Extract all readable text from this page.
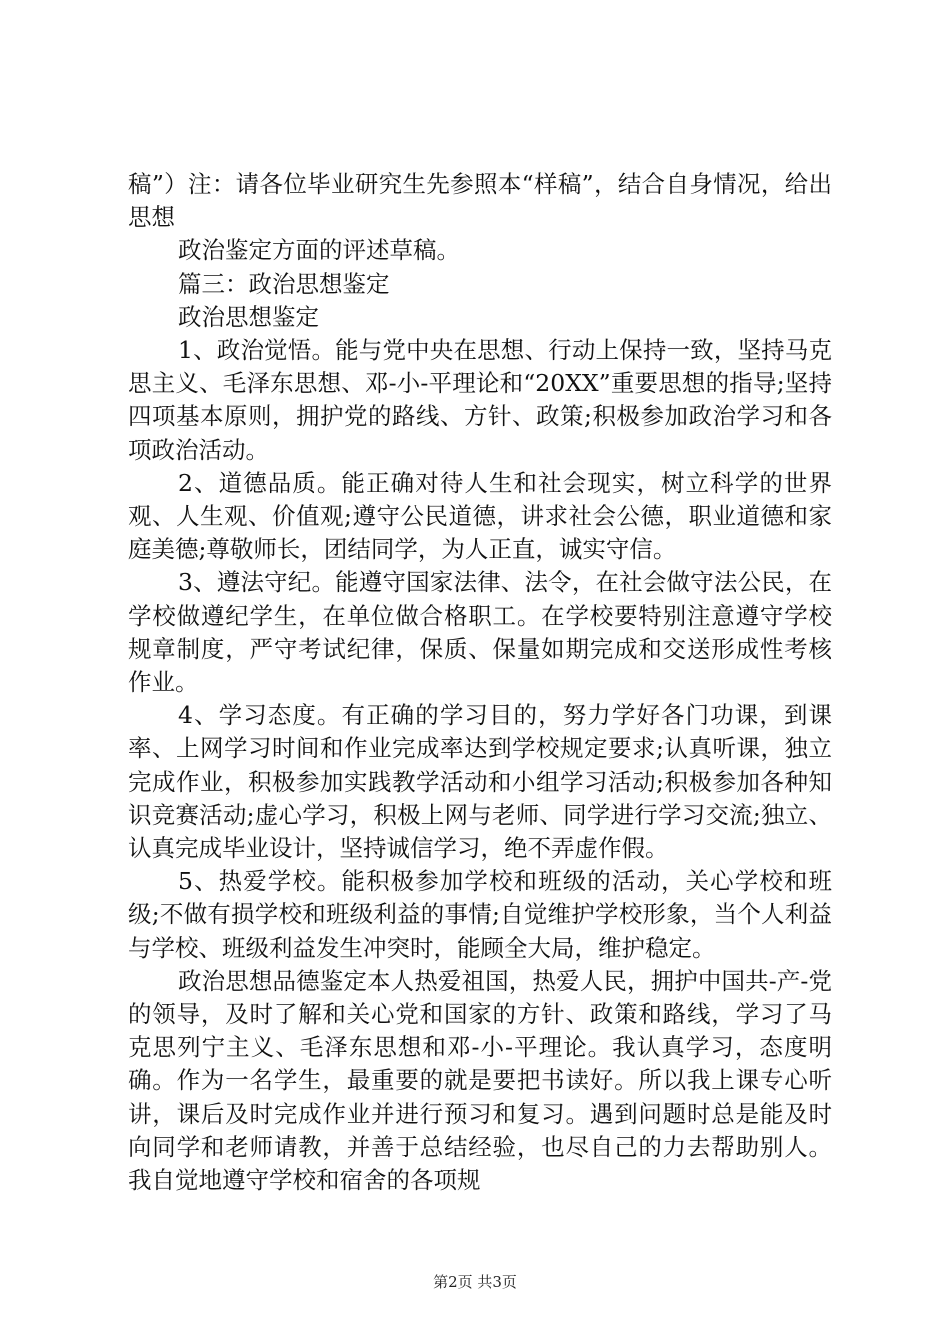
稿”）注：请各位毕业研究生先参照本“样稿”，结合自身情况，给出思想

政治鉴定方面的评述草稿。

篇三：政治思想鉴定

政治思想鉴定

1、政治觉悟。能与党中央在思想、行动上保持一致，坚持马克思主义、毛泽东思想、邓-小-平理论和“20XX”重要思想的指导;坚持四项基本原则，拥护党的路线、方针、政策;积极参加政治学习和各项政治活动。

2、道德品质。能正确对待人生和社会现实，树立科学的世界观、人生观、价值观;遵守公民道德，讲求社会公德，职业道德和家庭美德;尊敬师长，团结同学，为人正直，诚实守信。

3、遵法守纪。能遵守国家法律、法令，在社会做守法公民，在学校做遵纪学生，在单位做合格职工。在学校要特别注意遵守学校规章制度，严守考试纪律，保质、保量如期完成和交送形成性考核作业。

4、学习态度。有正确的学习目的，努力学好各门功课，到课率、上网学习时间和作业完成率达到学校规定要求;认真听课，独立完成作业，积极参加实践教学活动和小组学习活动;积极参加各种知识竞赛活动;虚心学习，积极上网与老师、同学进行学习交流;独立、认真完成毕业设计，坚持诚信学习，绝不弄虚作假。

5、热爱学校。能积极参加学校和班级的活动，关心学校和班级;不做有损学校和班级利益的事情;自觉维护学校形象，当个人利益与学校、班级利益发生冲突时，能顾全大局，维护稳定。

政治思想品德鉴定本人热爱祖国，热爱人民，拥护中国共-产-党的领导，及时了解和关心党和国家的方针、政策和路线，学习了马克思列宁主义、毛泽东思想和邓-小-平理论。我认真学习，态度明确。作为一名学生，最重要的就是要把书读好。所以我上课专心听讲，课后及时完成作业并进行预习和复习。遇到问题时总是能及时向同学和老师请教，并善于总结经验，也尽自己的力去帮助别人。我自觉地遵守学校和宿舍的各项规

第2页 共3页
